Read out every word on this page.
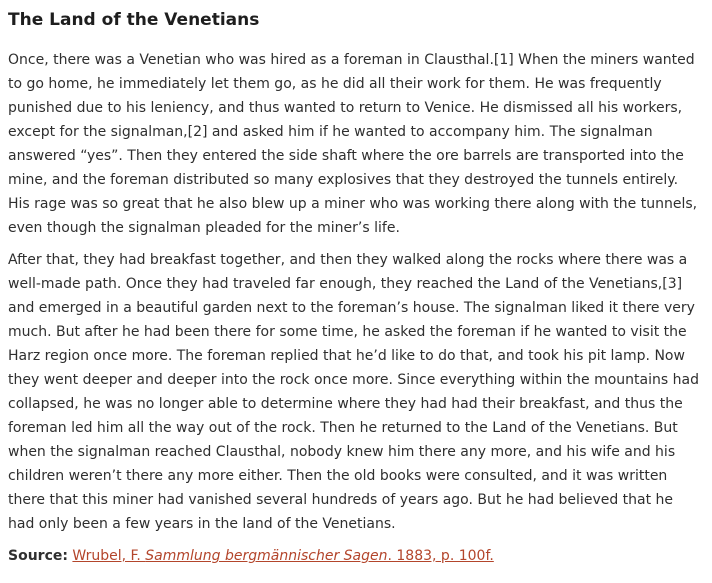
The Land of the Venetians

Once, there was a Venetian who was hired as a foreman in Clausthal.[1] When the miners wanted to go home, he immediately let them go, as he did all their work for them. He was frequently punished due to his leniency, and thus wanted to return to Venice. He dismissed all his workers, except for the signalman,[2] and asked him if he wanted to accompany him. The signalman answered “yes”. Then they entered the side shaft where the ore barrels are transported into the mine, and the foreman distributed so many explosives that they destroyed the tunnels entirely. His rage was so great that he also blew up a miner who was working there along with the tunnels, even though the signalman pleaded for the miner’s life.

After that, they had breakfast together, and then they walked along the rocks where there was a well-made path. Once they had traveled far enough, they reached the Land of the Venetians,[3] and emerged in a beautiful garden next to the foreman’s house. The signalman liked it there very much. But after he had been there for some time, he asked the foreman if he wanted to visit the Harz region once more. The foreman replied that he’d like to do that, and took his pit lamp. Now they went deeper and deeper into the rock once more. Since everything within the mountains had collapsed, he was no longer able to determine where they had had their breakfast, and thus the foreman led him all the way out of the rock. Then he returned to the Land of the Venetians. But when the signalman reached Clausthal, nobody knew him there any more, and his wife and his children weren’t there any more either. Then the old books were consulted, and it was written there that this miner had vanished several hundreds of years ago. But he had believed that he had only been a few years in the land of the Venetians.

Source: Wrubel, F. Sammlung bergmännischer Sagen. 1883, p. 100f.
